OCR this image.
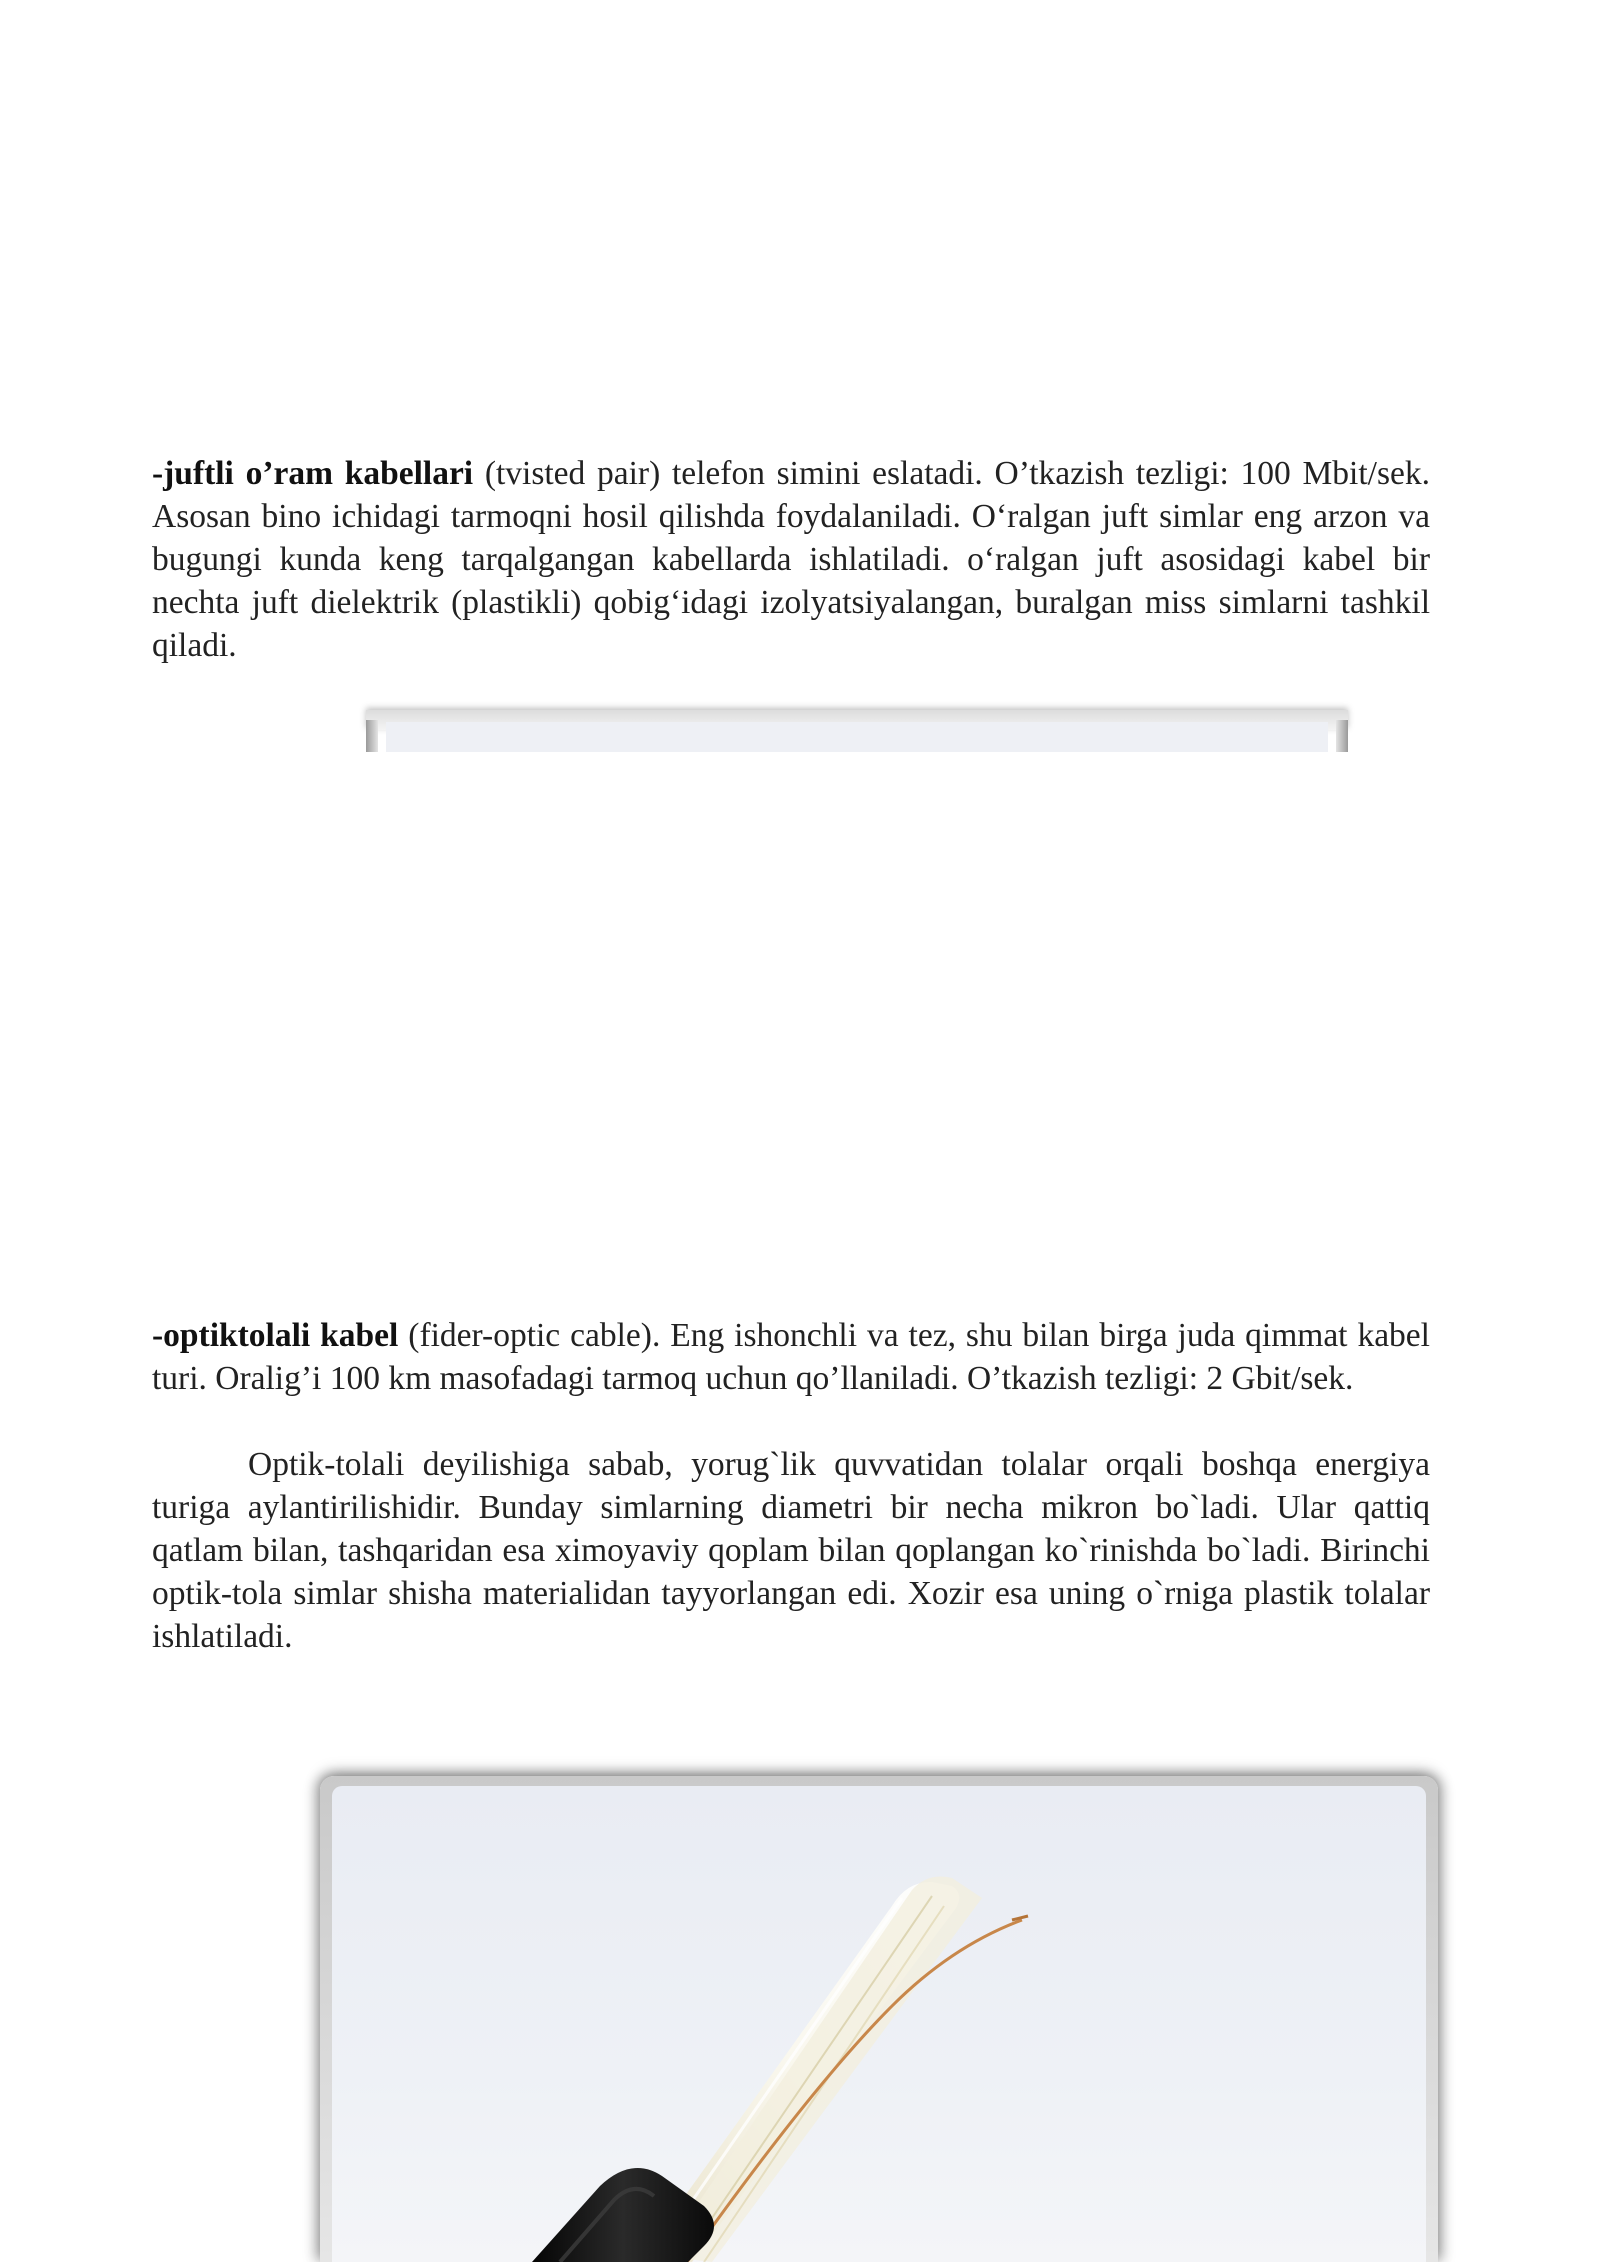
-juftli o’ram kabellari (tvisted pair) telefon simini eslatadi. O’tkazish tezligi: 100 Mbit/sek. Asosan bino ichidagi tarmoqni hosil qilishda foydalaniladi. O‘ralgan juft simlar eng arzon va bugungi kunda keng tarqalgangan kabellarda ishlatiladi. o‘ralgan juft asosidagi kabel bir nechta juft dielektrik (plastikli) qobig‘idagi izolyatsiyalangan, buralgan miss simlarni tashkil qiladi.

-optiktolali kabel (fider-optic cable). Eng ishonchli va tez, shu bilan birga juda qimmat kabel turi. Oralig’i 100 km masofadagi tarmoq uchun qo’llaniladi. O’tkazish tezligi: 2 Gbit/sek.

Optik-tolali deyilishiga sabab, yorug`lik quvvatidan tolalar orqali boshqa energiya turiga aylantirilishidir. Bunday simlarning diametri bir necha mikron bo`ladi. Ular qattiq qatlam bilan, tashqaridan esa ximoyaviy qoplam bilan qoplangan ko`rinishda bo`ladi. Birinchi optik-tola simlar shisha materialidan tayyorlangan edi. Xozir esa uning o`rniga plastik tolalar ishlatiladi.
